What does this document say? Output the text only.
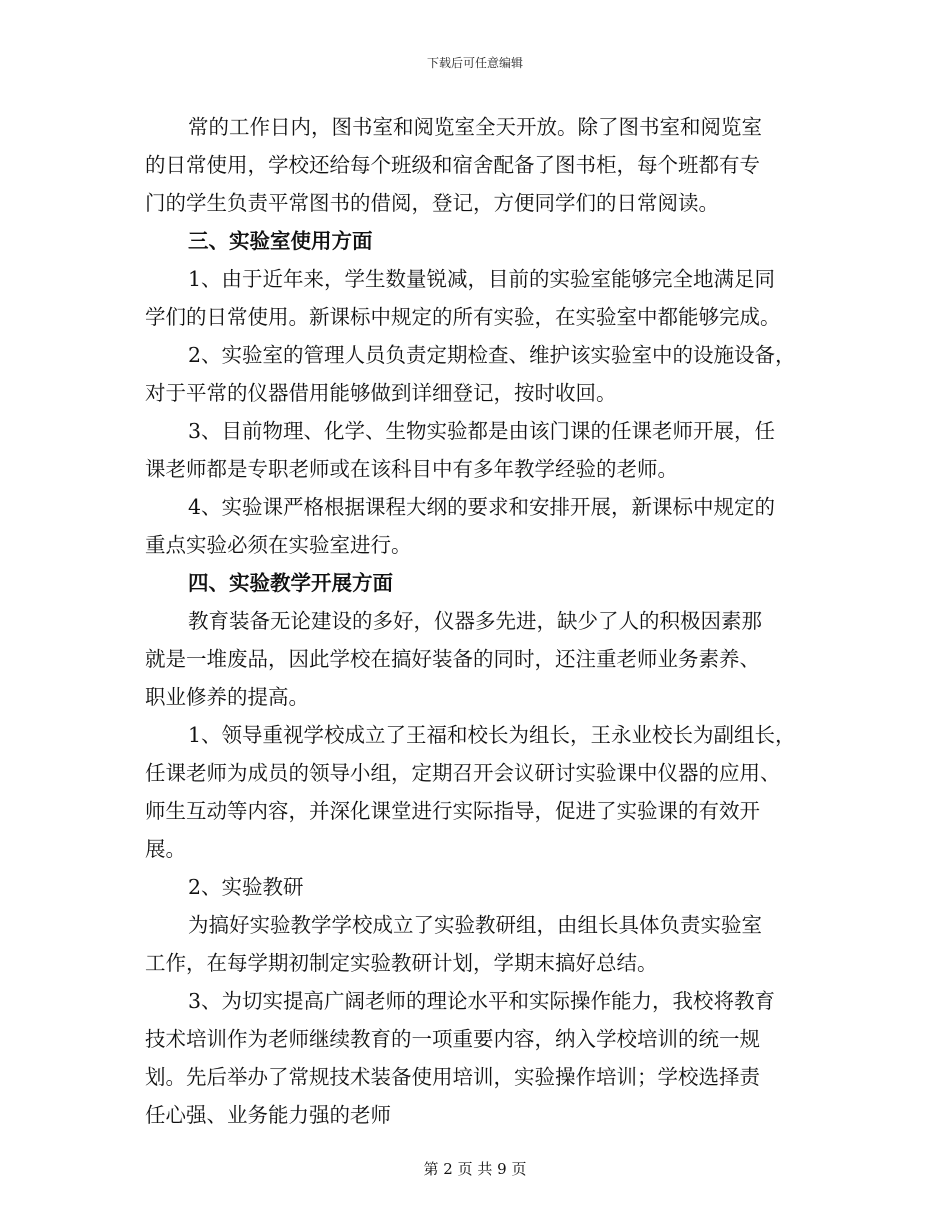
下载后可任意编辑
常的工作日内，图书室和阅览室全天开放。除了图书室和阅览室
的日常使用，学校还给每个班级和宿舍配备了图书柜，每个班都有专
门的学生负责平常图书的借阅，登记，方便同学们的日常阅读。
三、实验室使用方面
1、由于近年来，学生数量锐减，目前的实验室能够完全地满足同
学们的日常使用。新课标中规定的所有实验，在实验室中都能够完成。
2、实验室的管理人员负责定期检查、维护该实验室中的设施设备，
对于平常的仪器借用能够做到详细登记，按时收回。
3、目前物理、化学、生物实验都是由该门课的任课老师开展，任
课老师都是专职老师或在该科目中有多年教学经验的老师。
4、实验课严格根据课程大纲的要求和安排开展，新课标中规定的
重点实验必须在实验室进行。
四、实验教学开展方面
教育装备无论建设的多好，仪器多先进，缺少了人的积极因素那
就是一堆废品，因此学校在搞好装备的同时，还注重老师业务素养、
职业修养的提高。
1、领导重视学校成立了王福和校长为组长，王永业校长为副组长，
任课老师为成员的领导小组，定期召开会议研讨实验课中仪器的应用、
师生互动等内容，并深化课堂进行实际指导，促进了实验课的有效开
展。
2、实验教研
为搞好实验教学学校成立了实验教研组，由组长具体负责实验室
工作，在每学期初制定实验教研计划，学期末搞好总结。
3、为切实提高广阔老师的理论水平和实际操作能力，我校将教育
技术培训作为老师继续教育的一项重要内容，纳入学校培训的统一规
划。先后举办了常规技术装备使用培训，实验操作培训；学校选择责
任心强、业务能力强的老师
第 2 页 共 9 页
